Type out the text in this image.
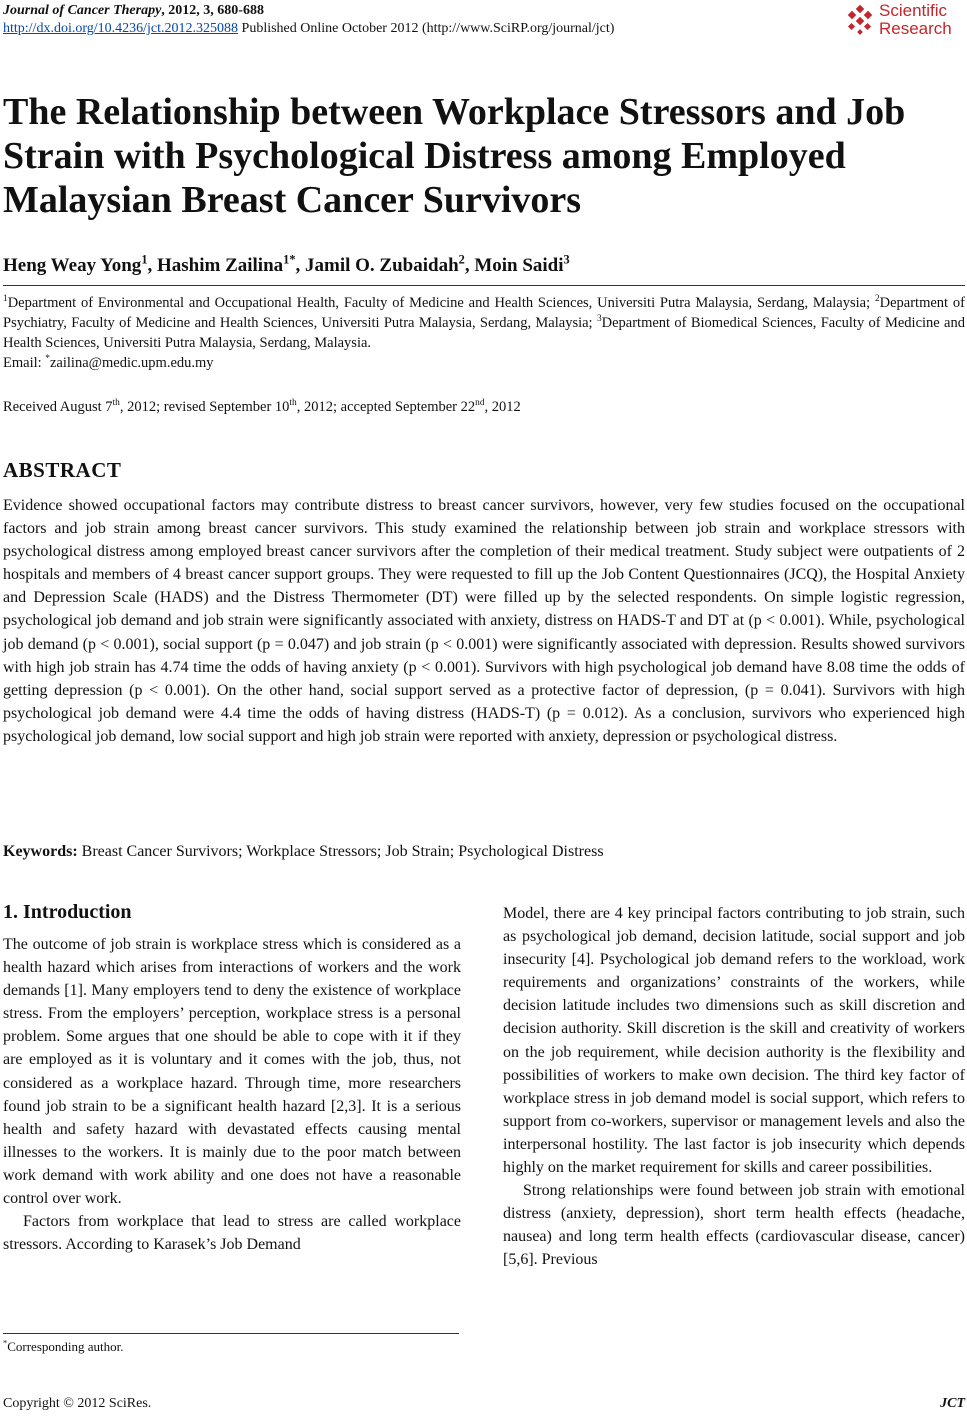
Journal of Cancer Therapy, 2012, 3, 680-688
http://dx.doi.org/10.4236/jct.2012.325088 Published Online October 2012 (http://www.SciRP.org/journal/jct)
Scientific
Research
The Relationship between Workplace Stressors and Job Strain with Psychological Distress among Employed Malaysian Breast Cancer Survivors
Heng Weay Yong$^1$, Hashim Zailina$^{1*}$, Jamil O. Zubaidah$^2$, Moin Saidi$^3$
$^1$Department of Environmental and Occupational Health, Faculty of Medicine and Health Sciences, Universiti Putra Malaysia, Serdang, Malaysia; $^2$Department of Psychiatry, Faculty of Medicine and Health Sciences, Universiti Putra Malaysia, Serdang, Malaysia; $^3$Department of Biomedical Sciences, Faculty of Medicine and Health Sciences, Universiti Putra Malaysia, Serdang, Malaysia.
Email: *zailina@medic.upm.edu.my
Received August 7th, 2012; revised September 10th, 2012; accepted September 22nd, 2012
ABSTRACT
Evidence showed occupational factors may contribute distress to breast cancer survivors, however, very few studies focused on the occupational factors and job strain among breast cancer survivors. This study examined the relationship between job strain and workplace stressors with psychological distress among employed breast cancer survivors after the completion of their medical treatment. Study subject were outpatients of 2 hospitals and members of 4 breast cancer support groups. They were requested to fill up the Job Content Questionnaires (JCQ), the Hospital Anxiety and Depression Scale (HADS) and the Distress Thermometer (DT) were filled up by the selected respondents. On simple logistic regression, psychological job demand and job strain were significantly associated with anxiety, distress on HADS-T and DT at (p < 0.001). While, psychological job demand (p < 0.001), social support (p = 0.047) and job strain (p < 0.001) were significantly associated with depression. Results showed survivors with high job strain has 4.74 time the odds of having anxiety (p < 0.001). Survivors with high psychological job demand have 8.08 time the odds of getting depression (p < 0.001). On the other hand, social support served as a protective factor of depression, (p = 0.041). Survivors with high psychological job demand were 4.4 time the odds of having distress (HADS-T) (p = 0.012). As a conclusion, survivors who experienced high psychological job demand, low social support and high job strain were reported with anxiety, depression or psychological distress.
Keywords: Breast Cancer Survivors; Workplace Stressors; Job Strain; Psychological Distress
1. Introduction

The outcome of job strain is workplace stress which is considered as a health hazard which arises from interactions of workers and the work demands [1]. Many employers tend to deny the existence of workplace stress. From the employers’ perception, workplace stress is a personal problem. Some argues that one should be able to cope with it if they are employed as it is voluntary and it comes with the job, thus, not considered as a workplace hazard. Through time, more researchers found job strain to be a significant health hazard [2,3]. It is a serious health and safety hazard with devastated effects causing mental illnesses to the workers. It is mainly due to the poor match between work demand with work ability and one does not have a reasonable control over work.

Factors from workplace that lead to stress are called workplace stressors. According to Karasek’s Job Demand

Model, there are 4 key principal factors contributing to job strain, such as psychological job demand, decision latitude, social support and job insecurity [4]. Psychological job demand refers to the workload, work requirements and organizations’ constraints of the workers, while decision latitude includes two dimensions such as skill discretion and decision authority. Skill discretion is the skill and creativity of workers on the job requirement, while decision authority is the flexibility and possibilities of workers to make own decision. The third key factor of workplace stress in job demand model is social support, which refers to support from co-workers, supervisor or management levels and also the interpersonal hostility. The last factor is job insecurity which depends highly on the market requirement for skills and career possibilities.

Strong relationships were found between job strain with emotional distress (anxiety, depression), short term health effects (headache, nausea) and long term health effects (cardiovascular disease, cancer) [5,6]. Previous

*Corresponding author.
Copyright © 2012 SciRes.	JCT
